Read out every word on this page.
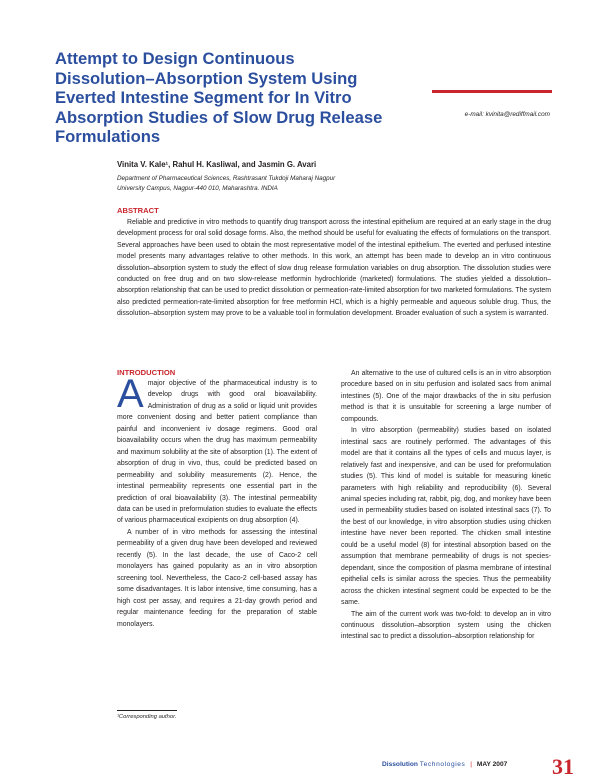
Attempt to Design Continuous
Dissolution–Absorption System Using
Everted Intestine Segment for In Vitro
Absorption Studies of Slow Drug Release
Formulations
e-mail: kvinita@rediffmail.com
Vinita V. Kale¹, Rahul H. Kasliwal, and Jasmin G. Avari
Department of Pharmaceutical Sciences, Rashtrasant Tukdoji Maharaj Nagpur
University Campus, Nagpur-440 010, Maharashtra. INDIA
ABSTRACT
Reliable and predictive in vitro methods to quantify drug transport across the intestinal epithelium are required at an early stage in the drug development process for oral solid dosage forms. Also, the method should be useful for evaluating the effects of formulations on the transport. Several approaches have been used to obtain the most representative model of the intestinal epithelium. The everted and perfused intestine model presents many advantages relative to other methods. In this work, an attempt has been made to develop an in vitro continuous dissolution–absorption system to study the effect of slow drug release formulation variables on drug absorption. The dissolution studies were conducted on free drug and on two slow-release metformin hydrochloride (marketed) formulations. The studies yielded a dissolution–absorption relationship that can be used to predict dissolution or permeation-rate-limited absorption for two marketed formulations. The system also predicted permeation-rate-limited absorption for free metformin HCl, which is a highly permeable and aqueous soluble drug. Thus, the dissolution–absorption system may prove to be a valuable tool in formulation development. Broader evaluation of such a system is warranted.
INTRODUCTION

A major objective of the pharmaceutical industry is to develop drugs with good oral bioavailability. Administration of drug as a solid or liquid unit provides more convenient dosing and better patient compliance than painful and inconvenient iv dosage regimens. Good oral bioavailability occurs when the drug has maximum permeability and maximum solubility at the site of absorption (1). The extent of absorption of drug in vivo, thus, could be predicted based on permeability and solubility measurements (2). Hence, the intestinal permeability represents one essential part in the prediction of oral bioavailability (3). The intestinal permeability data can be used in preformulation studies to evaluate the effects of various pharmaceutical excipients on drug absorption (4).

A number of in vitro methods for assessing the intestinal permeability of a given drug have been developed and reviewed recently (5). In the last decade, the use of Caco-2 cell monolayers has gained popularity as an in vitro absorption screening tool. Nevertheless, the Caco-2 cell-based assay has some disadvantages. It is labor intensive, time consuming, has a high cost per assay, and requires a 21-day growth period and regular maintenance feeding for the preparation of stable monolayers.

An alternative to the use of cultured cells is an in vitro absorption procedure based on in situ perfusion and isolated sacs from animal intestines (5). One of the major drawbacks of the in situ perfusion method is that it is unsuitable for screening a large number of compounds.

In vitro absorption (permeability) studies based on isolated intestinal sacs are routinely performed. The advantages of this model are that it contains all the types of cells and mucus layer, is relatively fast and inexpensive, and can be used for preformulation studies (5). This kind of model is suitable for measuring kinetic parameters with high reliability and reproducibility (6). Several animal species including rat, rabbit, pig, dog, and monkey have been used in permeability studies based on isolated intestinal sacs (7). To the best of our knowledge, in vitro absorption studies using chicken intestine have never been reported. The chicken small intestine could be a useful model (8) for intestinal absorption based on the assumption that membrane permeability of drugs is not species-dependant, since the composition of plasma membrane of intestinal epithelial cells is similar across the species. Thus the permeability across the chicken intestinal segment could be expected to be the same.

The aim of the current work was two-fold: to develop an in vitro continuous dissolution–absorption system using the chicken intestinal sac to predict a dissolution–absorption relationship for

¹Corresponding author.
Dissolution Technologies | MAY 2007 31
